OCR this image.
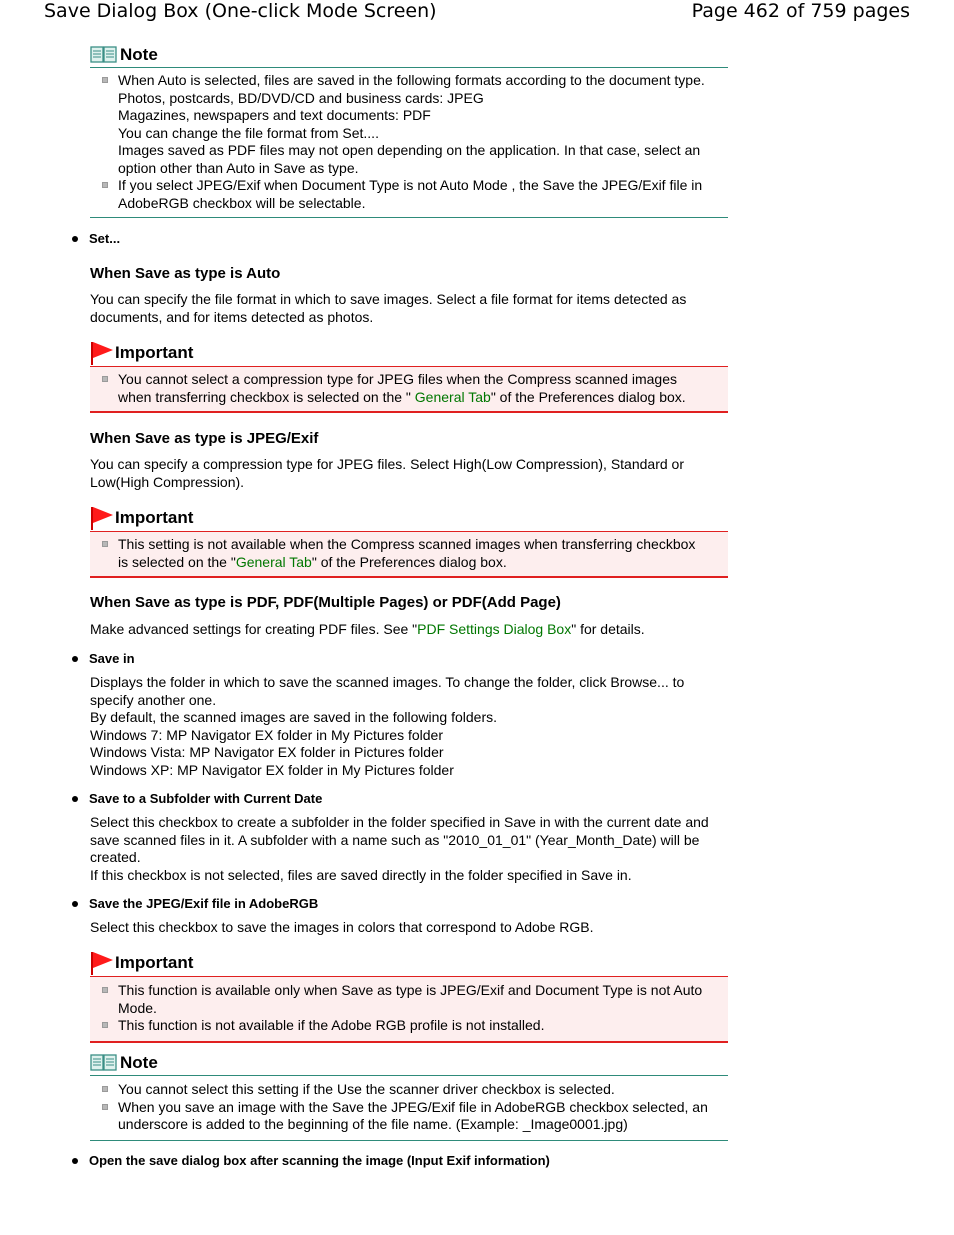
Save Dialog Box (One-click Mode Screen)	Page 462 of 759 pages
Note
When Auto is selected, files are saved in the following formats according to the document type.
Photos, postcards, BD/DVD/CD and business cards: JPEG
Magazines, newspapers and text documents: PDF
You can change the file format from Set....
Images saved as PDF files may not open depending on the application. In that case, select an
option other than Auto in Save as type.
If you select JPEG/Exif when Document Type is not Auto Mode , the Save the JPEG/Exif file in
AdobeRGB checkbox will be selectable.
Set...
When Save as type is Auto
You can specify the file format in which to save images. Select a file format for items detected as
documents, and for items detected as photos.
Important
You cannot select a compression type for JPEG files when the Compress scanned images
when transferring checkbox is selected on the " General Tab" of the Preferences dialog box.
When Save as type is JPEG/Exif
You can specify a compression type for JPEG files. Select High(Low Compression), Standard or
Low(High Compression).
Important
This setting is not available when the Compress scanned images when transferring checkbox
is selected on the "General Tab" of the Preferences dialog box.
When Save as type is PDF, PDF(Multiple Pages) or PDF(Add Page)
Make advanced settings for creating PDF files. See "PDF Settings Dialog Box" for details.
Save in
Displays the folder in which to save the scanned images. To change the folder, click Browse... to
specify another one.
By default, the scanned images are saved in the following folders.
Windows 7: MP Navigator EX folder in My Pictures folder
Windows Vista: MP Navigator EX folder in Pictures folder
Windows XP: MP Navigator EX folder in My Pictures folder
Save to a Subfolder with Current Date
Select this checkbox to create a subfolder in the folder specified in Save in with the current date and
save scanned files in it. A subfolder with a name such as "2010_01_01" (Year_Month_Date) will be
created.
If this checkbox is not selected, files are saved directly in the folder specified in Save in.
Save the JPEG/Exif file in AdobeRGB
Select this checkbox to save the images in colors that correspond to Adobe RGB.
Important
This function is available only when Save as type is JPEG/Exif and Document Type is not Auto
Mode.
This function is not available if the Adobe RGB profile is not installed.
Note
You cannot select this setting if the Use the scanner driver checkbox is selected.
When you save an image with the Save the JPEG/Exif file in AdobeRGB checkbox selected, an
underscore is added to the beginning of the file name. (Example: _Image0001.jpg)
Open the save dialog box after scanning the image (Input Exif information)
